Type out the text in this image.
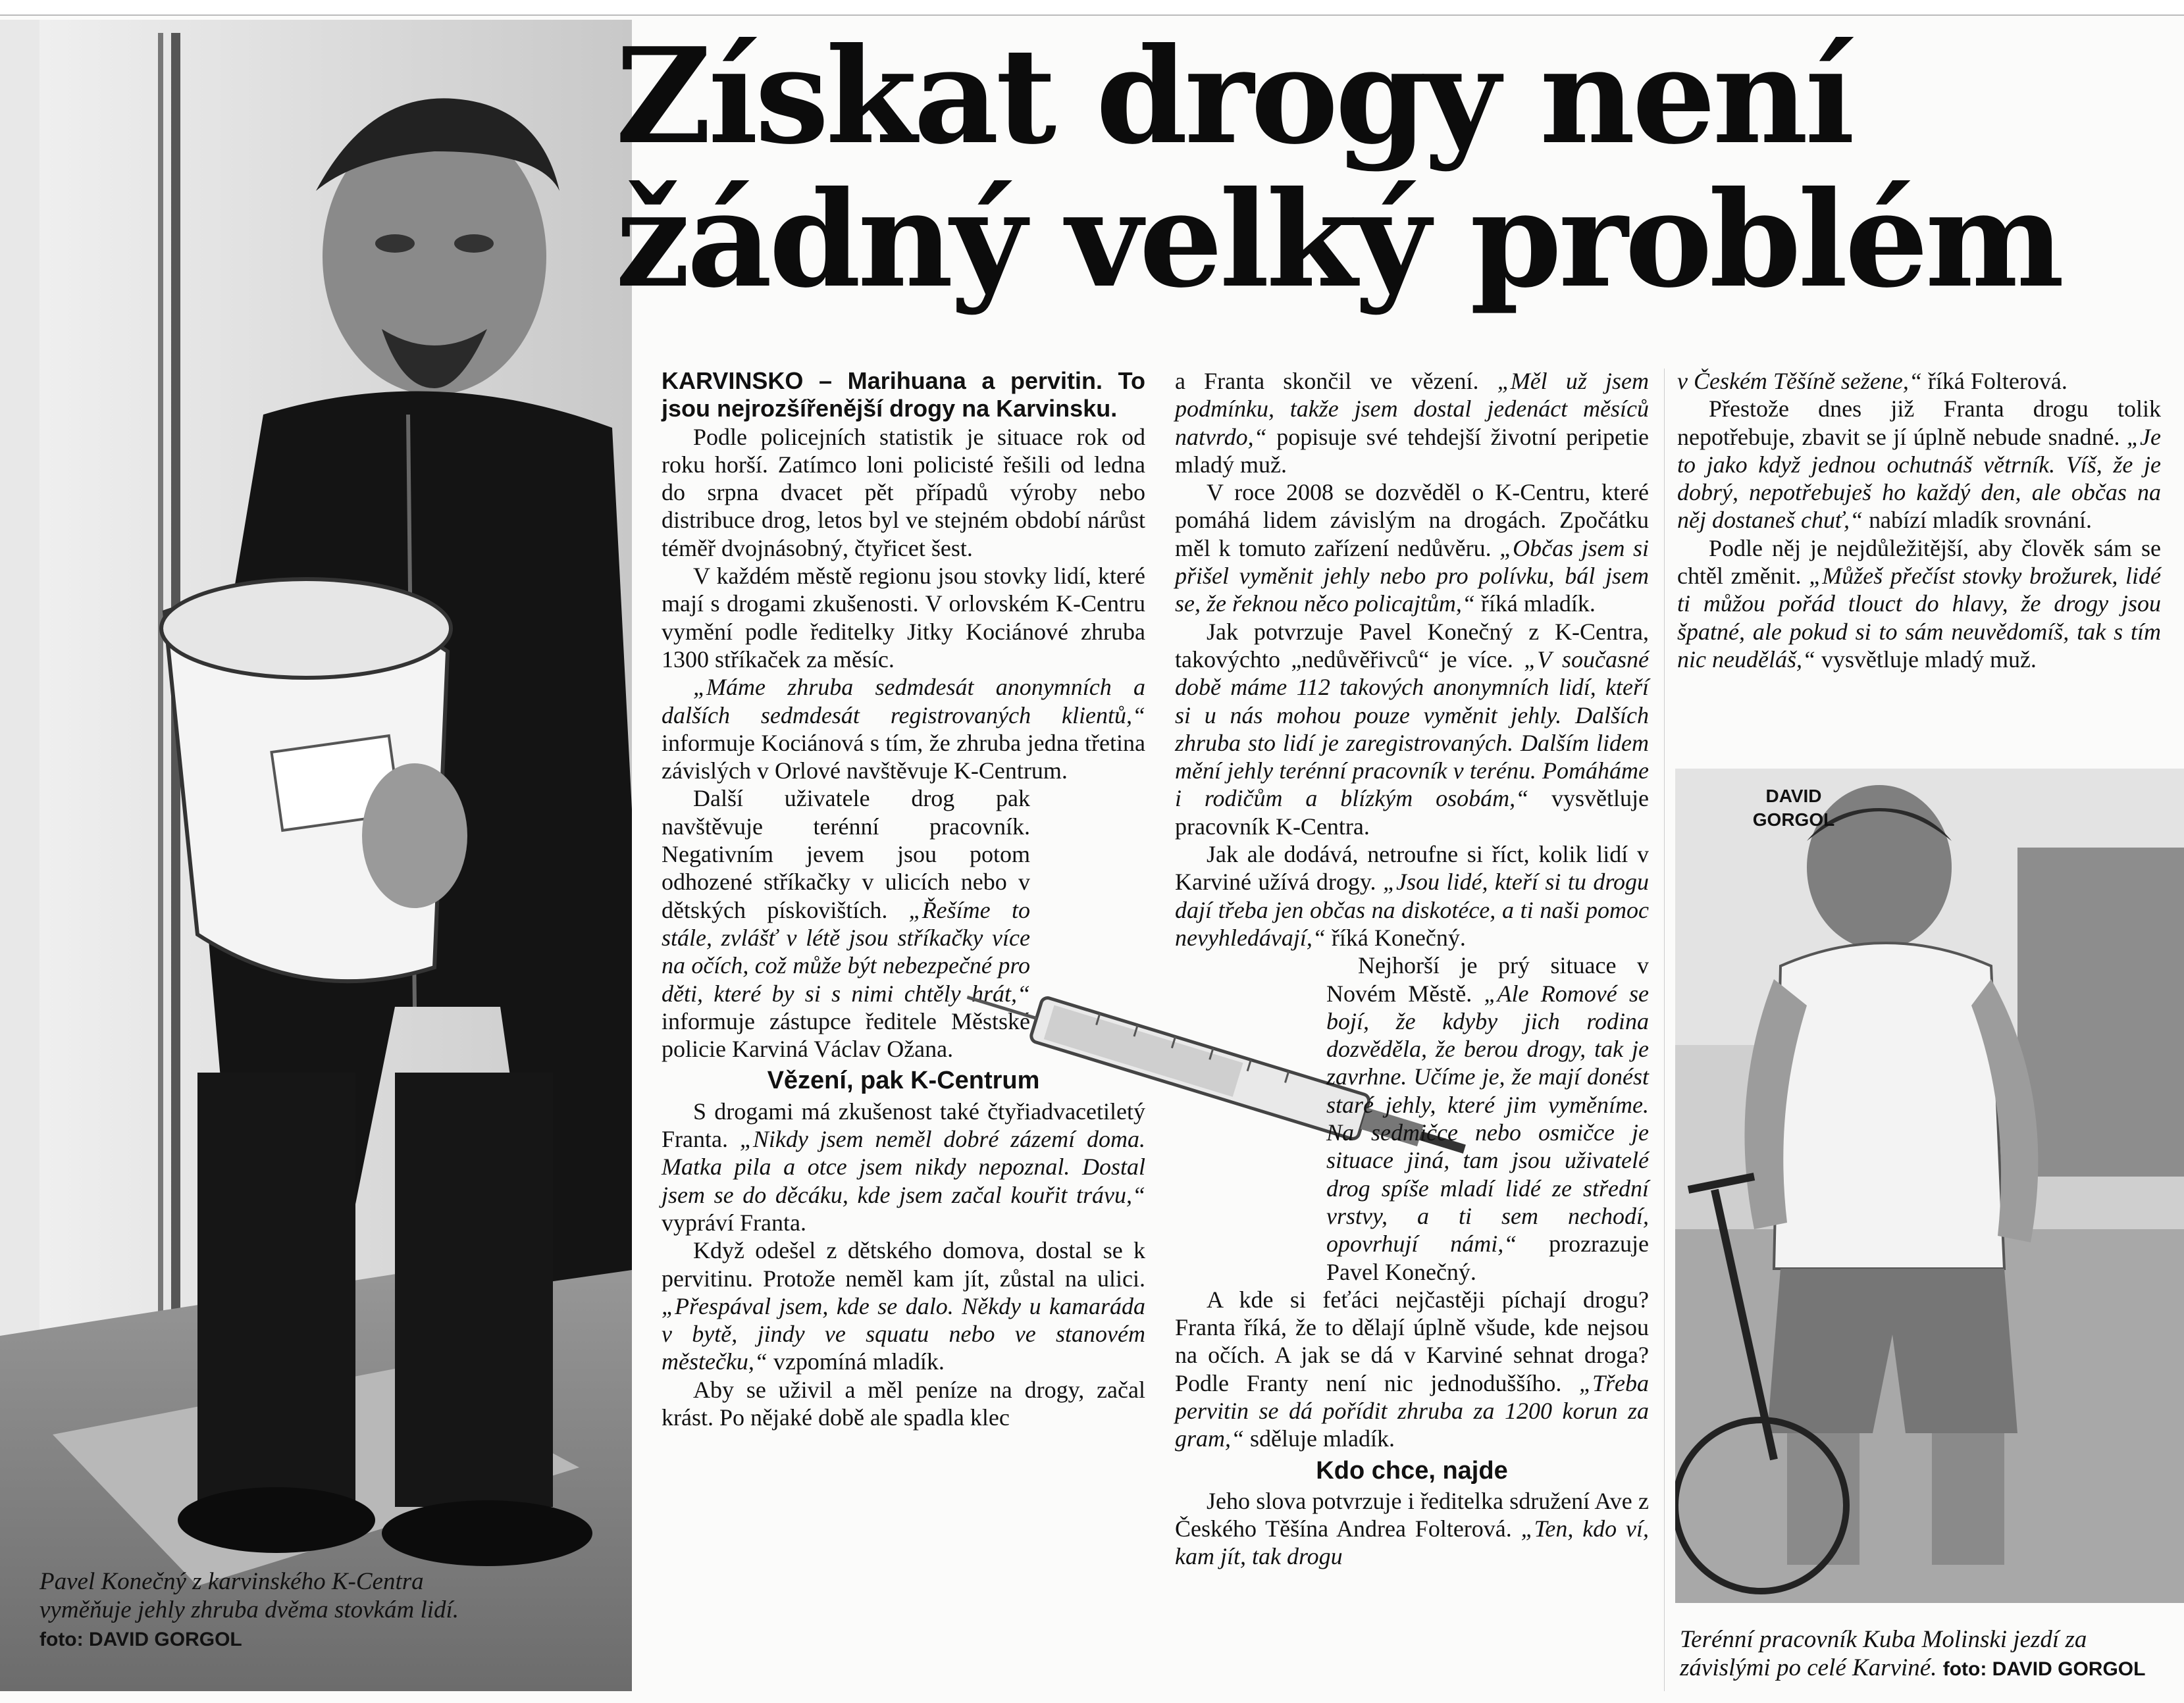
Pavel Konečný z karvinského K-Centra vyměňuje jehly zhruba dvěma stovkám lidí. foto: DAVID GORGOL
Získat drogy není
žádný velký problém

KARVINSKO – Marihuana a pervitin. To jsou nejrozšířenější drogy na Karvinsku.

Podle policejních statistik je situace rok od roku horší. Zatímco loni policisté řešili od ledna do srpna dvacet pět případů výroby nebo distribuce drog, letos byl ve stejném období nárůst téměř dvojnásobný, čtyřicet šest.

V každém městě regionu jsou stovky lidí, které mají s drogami zkušenosti. V orlovském K-Centru vymění podle ředitelky Jitky Kociánové zhruba 1300 stříkaček za měsíc.

„Máme zhruba sedmdesát anonymních a dalších sedmdesát registrovaných klientů,“ informuje Kociánová s tím, že zhruba jedna třetina závislých v Orlové navštěvuje K-Centrum.

Další uživatele drog pak navštěvuje terénní pracovník. Negativním jevem jsou potom odhozené stříkačky v ulicích nebo v dětských pískovištích. „Řešíme to stále, zvlášť v létě jsou stříkačky více na očích, což může být nebezpečné pro děti, které by si s nimi chtěly hrát,“ informuje zástupce ředitele Městské policie Karviná Václav Ožana.

Vězení, pak K-Centrum

S drogami má zkušenost také čtyřiadvacetiletý Franta. „Nikdy jsem neměl dobré zázemí doma. Matka pila a otce jsem nikdy nepoznal. Dostal jsem se do děcáku, kde jsem začal kouřit trávu,“ vypráví Franta.

Když odešel z dětského domova, dostal se k pervitinu. Protože neměl kam jít, zůstal na ulici. „Přespával jsem, kde se dalo. Někdy u kamaráda v bytě, jindy ve squatu nebo ve stanovém městečku,“ vzpomíná mladík.

Aby se uživil a měl peníze na drogy, začal krást. Po nějaké době ale spadla klec

a Franta skončil ve vězení. „Měl už jsem podmínku, takže jsem dostal jedenáct měsíců natvrdo,“ popisuje své tehdejší životní peripetie mladý muž.

V roce 2008 se dozvěděl o K-Centru, které pomáhá lidem závislým na drogách. Zpočátku měl k tomuto zařízení nedůvěru. „Občas jsem si přišel vyměnit jehly nebo pro polívku, bál jsem se, že řeknou něco policajtům,“ říká mladík.

Jak potvrzuje Pavel Konečný z K-Centra, takovýchto „nedůvěřivců“ je více. „V současné době máme 112 takových anonymních lidí, kteří si u nás mohou pouze vyměnit jehly. Dalších zhruba sto lidí je zaregistrovaných. Dalším lidem mění jehly terénní pracovník v terénu. Pomáháme i rodičům a blízkým osobám,“ vysvětluje pracovník K-Centra.

Jak ale dodává, netroufne si říct, kolik lidí v Karviné užívá drogy. „Jsou lidé, kteří si tu drogu dají třeba jen občas na diskotéce, a ti naši pomoc nevyhledávají,“ říká Konečný.

Nejhorší je prý situace v Novém Městě. „Ale Romové se bojí, že kdyby jich rodina dozvěděla, že berou drogy, tak je zavrhne. Učíme je, že mají donést staré jehly, které jim vyměníme. Na sedmičce nebo osmičce je situace jiná, tam jsou uživatelé drog spíše mladí lidé ze střední vrstvy, a ti sem nechodí, opovrhují námi,“ prozrazuje Pavel Konečný.

A kde si feťáci nejčastěji píchají drogu? Franta říká, že to dělají úplně všude, kde nejsou na očích. A jak se dá v Karviné sehnat droga? Podle Franty není nic jednoduššího. „Třeba pervitin se dá pořídit zhruba za 1200 korun za gram,“ sděluje mladík.

Kdo chce, najde

Jeho slova potvrzuje i ředitelka sdružení Ave z Českého Těšína Andrea Folterová. „Ten, kdo ví, kam jít, tak drogu

v Českém Těšíně sežene,“ říká Folterová.

Přestože dnes již Franta drogu tolik nepotřebuje, zbavit se jí úplně nebude snadné. „Je to jako když jednou ochutnáš větrník. Víš, že je dobrý, nepotřebuješ ho každý den, ale občas na něj dostaneš chuť,“ nabízí mladík srovnání.

Podle něj je nejdůležitější, aby člověk sám se chtěl změnit. „Můžeš přečíst stovky brožurek, lidé ti můžou pořád tlouct do hlavy, že drogy jsou špatné, ale pokud si to sám neuvědomíš, tak s tím nic neuděláš,“ vysvětluje mladý muž.

DAVID
GORGOL
Terénní pracovník Kuba Molinski jezdí za závislými po celé Karviné. foto: DAVID GORGOL
